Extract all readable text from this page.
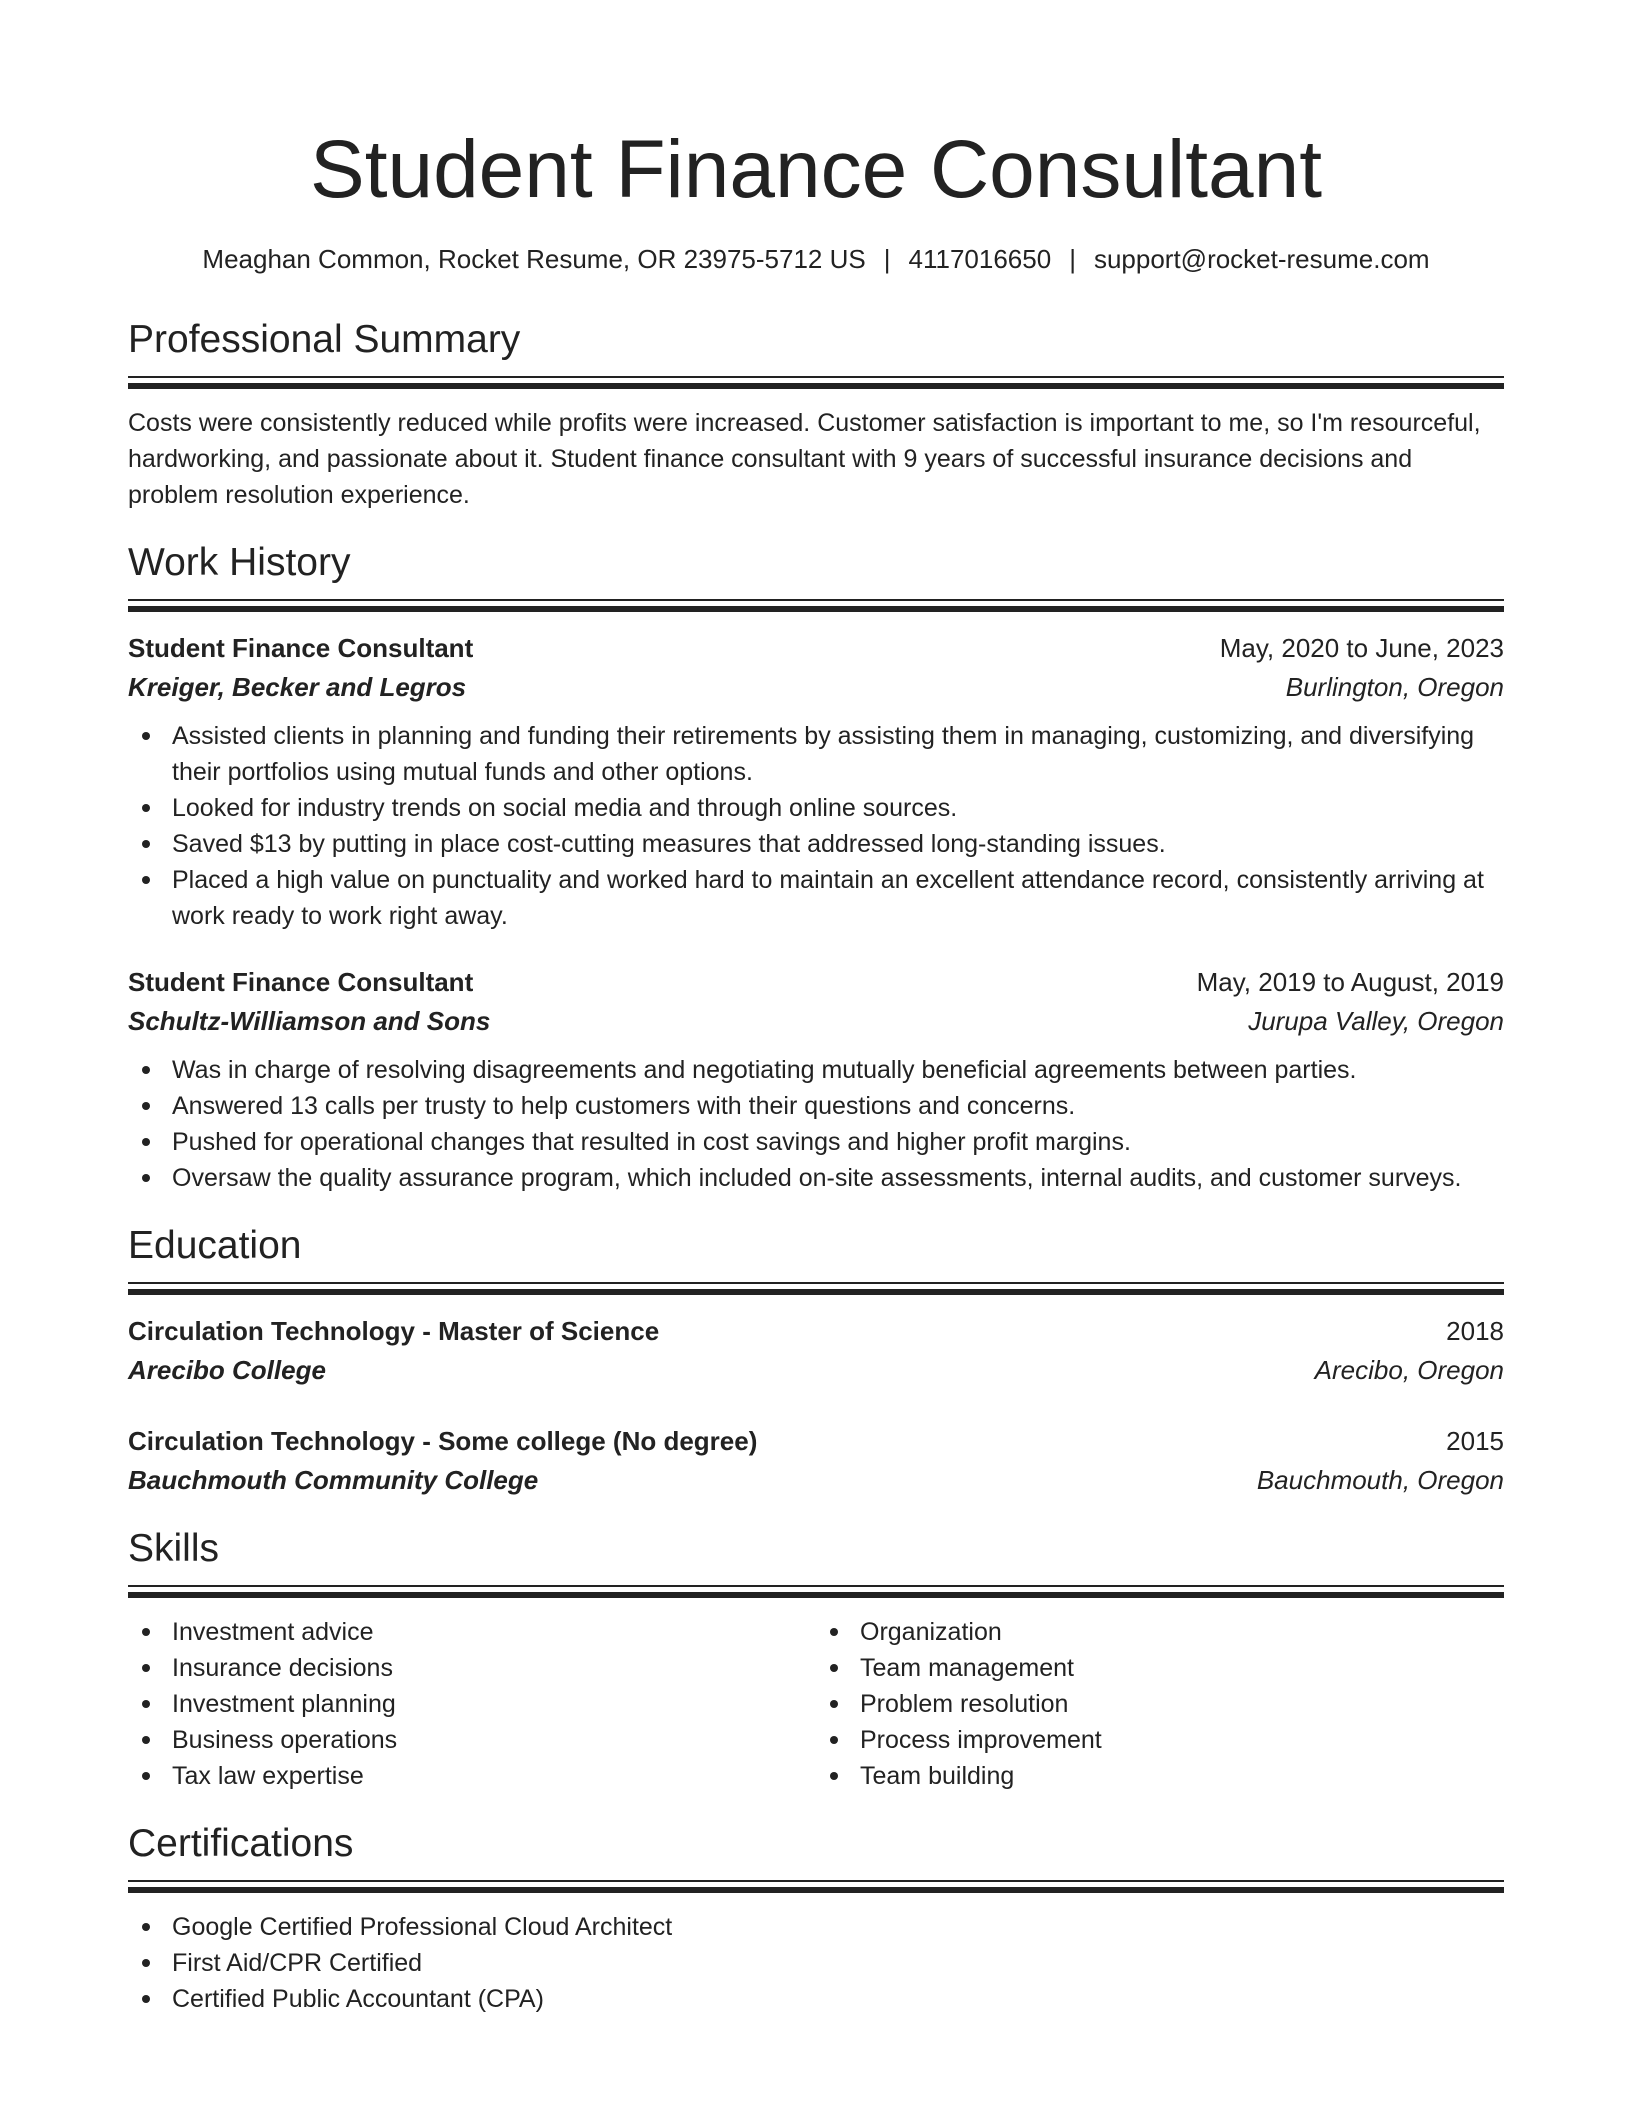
Student Finance Consultant
Meaghan Common, Rocket Resume, OR 23975-5712 US | 4117016650 | support@rocket-resume.com
Professional Summary

Costs were consistently reduced while profits were increased. Customer satisfaction is important to me, so I'm resourceful, hardworking, and passionate about it. Student finance consultant with 9 years of successful insurance decisions and problem resolution experience.

Work History
Student Finance Consultant	May, 2020 to June, 2023
Kreiger, Becker and Legros	Burlington, Oregon
Assisted clients in planning and funding their retirements by assisting them in managing, customizing, and diversifying their portfolios using mutual funds and other options.
Looked for industry trends on social media and through online sources.
Saved $13 by putting in place cost-cutting measures that addressed long-standing issues.
Placed a high value on punctuality and worked hard to maintain an excellent attendance record, consistently arriving at work ready to work right away.
Student Finance Consultant	May, 2019 to August, 2019
Schultz-Williamson and Sons	Jurupa Valley, Oregon
Was in charge of resolving disagreements and negotiating mutually beneficial agreements between parties.
Answered 13 calls per trusty to help customers with their questions and concerns.
Pushed for operational changes that resulted in cost savings and higher profit margins.
Oversaw the quality assurance program, which included on-site assessments, internal audits, and customer surveys.
Education
Circulation Technology - Master of Science	2018
Arecibo College	Arecibo, Oregon
Circulation Technology - Some college (No degree)	2015
Bauchmouth Community College	Bauchmouth, Oregon
Skills
Investment advice
Insurance decisions
Investment planning
Business operations
Tax law expertise
Organization
Team management
Problem resolution
Process improvement
Team building
Certifications
Google Certified Professional Cloud Architect
First Aid/CPR Certified
Certified Public Accountant (CPA)
